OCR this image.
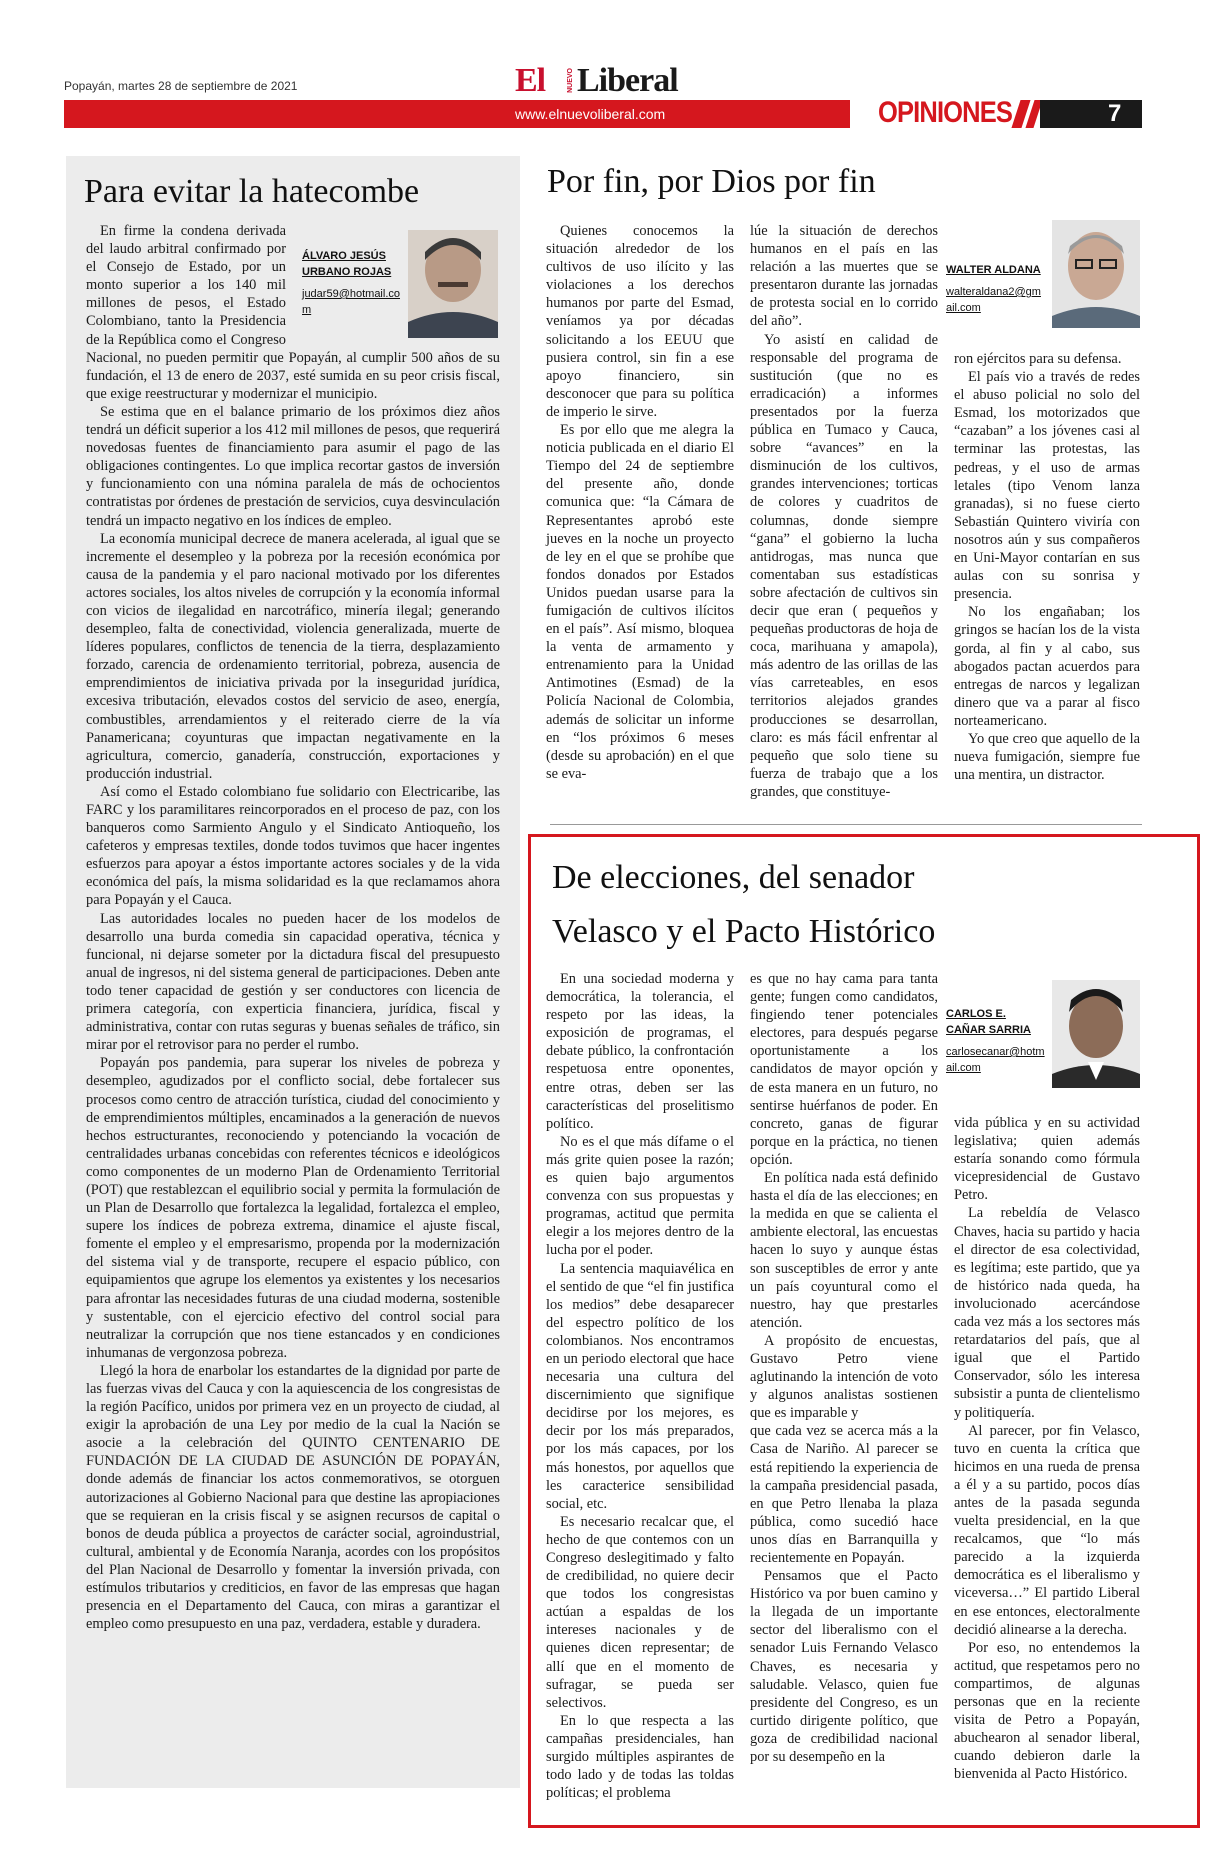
Popayán, martes 28 de septiembre de 2021	El	NUEVO Liberal
www.elnuevoliberal.com	OPINIONES	7
Para evitar la hatecombe
ÁLVARO JESÚS URBANO ROJAS
judar59@hotmail.com

En firme la condena derivada del laudo arbitral confirmado por el Consejo de Estado, por un monto superior a los 140 mil millones de pesos, el Estado Colombiano, tanto la Presidencia de la República como el Congreso Nacional, no pueden permitir que Popayán, al cumplir 500 años de su fundación, el 13 de enero de 2037, esté sumida en su peor crisis fiscal, que exige reestructurar y modernizar el municipio.

Se estima que en el balance primario de los próximos diez años tendrá un déficit superior a los 412 mil millones de pesos, que requerirá novedosas fuentes de financiamiento para asumir el pago de las obligaciones contingentes. Lo que implica recortar gastos de inversión y funcionamiento con una nómina paralela de más de ochocientos contratistas por órdenes de prestación de servicios, cuya desvinculación tendrá un impacto negativo en los índices de empleo.

La economía municipal decrece de manera acelerada, al igual que se incremente el desempleo y la pobreza por la recesión económica por causa de la pandemia y el paro nacional motivado por los diferentes actores sociales, los altos niveles de corrupción y la economía informal con vicios de ilegalidad en narcotráfico, minería ilegal; generando desempleo, falta de conectividad, violencia generalizada, muerte de líderes populares, conflictos de tenencia de la tierra, desplazamiento forzado, carencia de ordenamiento territorial, pobreza, ausencia de emprendimientos de iniciativa privada por la inseguridad jurídica, excesiva tributación, elevados costos del servicio de aseo, energía, combustibles, arrendamientos y el reiterado cierre de la vía Panamericana; coyunturas que impactan negativamente en la agricultura, comercio, ganadería, construcción, exportaciones y producción industrial.

Así como el Estado colombiano fue solidario con Electricaribe, las FARC y los paramilitares reincorporados en el proceso de paz, con los banqueros como Sarmiento Angulo y el Sindicato Antioqueño, los cafeteros y empresas textiles, donde todos tuvimos que hacer ingentes esfuerzos para apoyar a éstos importante actores sociales y de la vida económica del país, la misma solidaridad es la que reclamamos ahora para Popayán y el Cauca.

Las autoridades locales no pueden hacer de los modelos de desarrollo una burda comedia sin capacidad operativa, técnica y funcional, ni dejarse someter por la dictadura fiscal del presupuesto anual de ingresos, ni del sistema general de participaciones. Deben ante todo tener capacidad de gestión y ser conductores con licencia de primera categoría, con experticia financiera, jurídica, fiscal y administrativa, contar con rutas seguras y buenas señales de tráfico, sin mirar por el retrovisor para no perder el rumbo.

Popayán pos pandemia, para superar los niveles de pobreza y desempleo, agudizados por el conflicto social, debe fortalecer sus procesos como centro de atracción turística, ciudad del conocimiento y de emprendimientos múltiples, encaminados a la generación de nuevos hechos estructurantes, reconociendo y potenciando la vocación de centralidades urbanas concebidas con referentes técnicos e ideológicos como componentes de un moderno Plan de Ordenamiento Territorial (POT) que restablezcan el equilibrio social y permita la formulación de un Plan de Desarrollo que fortalezca la legalidad, fortalezca el empleo, supere los índices de pobreza extrema, dinamice el ajuste fiscal, fomente el empleo y el empresarismo, propenda por la modernización del sistema vial y de transporte, recupere el espacio público, con equipamientos que agrupe los elementos ya existentes y los necesarios para afrontar las necesidades futuras de una ciudad moderna, sostenible y sustentable, con el ejercicio efectivo del control social para neutralizar la corrupción que nos tiene estancados y en condiciones inhumanas de vergonzosa pobreza.

Llegó la hora de enarbolar los estandartes de la dignidad por parte de las fuerzas vivas del Cauca y con la aquiescencia de los congresistas de la región Pacífico, unidos por primera vez en un proyecto de ciudad, al exigir la aprobación de una Ley por medio de la cual la Nación se asocie a la celebración del QUINTO CENTENARIO DE FUNDACIÓN DE LA CIUDAD DE ASUNCIÓN DE POPAYÁN, donde además de financiar los actos conmemorativos, se otorguen autorizaciones al Gobierno Nacional para que destine las apropiaciones que se requieran en la crisis fiscal y se asignen recursos de capital o bonos de deuda pública a proyectos de carácter social, agroindustrial, cultural, ambiental y de Economía Naranja, acordes con los propósitos del Plan Nacional de Desarrollo y fomentar la inversión privada, con estímulos tributarios y crediticios, en favor de las empresas que hagan presencia en el Departamento del Cauca, con miras a garantizar el empleo como presupuesto en una paz, verdadera, estable y duradera.

Por fin, por Dios por fin

Quienes conocemos la situación alrededor de los cultivos de uso ilícito y las violaciones a los derechos humanos por parte del Esmad, veníamos ya por décadas solicitando a los EEUU que pusiera control, sin fin a ese apoyo financiero, sin desconocer que para su política de imperio le sirve.

Es por ello que me alegra la noticia publicada en el diario El Tiempo del 24 de septiembre del presente año, donde comunica que: “la Cámara de Representantes aprobó este jueves en la noche un proyecto de ley en el que se prohíbe que fondos donados por Estados Unidos puedan usarse para la fumigación de cultivos ilícitos en el país”. Así mismo, bloquea la venta de armamento y entrenamiento para la Unidad Antimotines (Esmad) de la Policía Nacional de Colombia, además de solicitar un informe en “los próximos 6 meses (desde su aprobación) en el que se eva-

lúe la situación de derechos humanos en el país en las relación a las muertes que se presentaron durante las jornadas de protesta social en lo corrido del año”.

Yo asistí en calidad de responsable del programa de sustitución (que no es erradicación) a informes presentados por la fuerza pública en Tumaco y Cauca, sobre “avances” en la disminución de los cultivos, grandes intervenciones; torticas de colores y cuadritos de columnas, donde siempre “gana” el gobierno la lucha antidrogas, mas nunca que comentaban sus estadísticas sobre afectación de cultivos sin decir que eran ( pequeños y pequeñas productoras de hoja de coca, marihuana y amapola), más adentro de las orillas de las vías carreteables, en esos territorios alejados grandes producciones se desarrollan, claro: es más fácil enfrentar al pequeño que solo tiene su fuerza de trabajo que a los grandes, que constituye-

WALTER ALDANA
walteraldana2@gmail.com

ron ejércitos para su defensa.

El país vio a través de redes el abuso policial no solo del Esmad, los motorizados que “cazaban” a los jóvenes casi al terminar las protestas, las pedreas, y el uso de armas letales (tipo Venom lanza granadas), si no fuese cierto Sebastián Quintero viviría con nosotros aún y sus compañeros en Uni-Mayor contarían en sus aulas con su sonrisa y presencia.

No los engañaban; los gringos se hacían los de la vista gorda, al fin y al cabo, sus abogados pactan acuerdos para entregas de narcos y legalizan dinero que va a parar al fisco norteamericano.

Yo que creo que aquello de la nueva fumigación, siempre fue una mentira, un distractor.

De elecciones, del senador
Velasco y el Pacto Histórico

En una sociedad moderna y democrática, la tolerancia, el respeto por las ideas, la exposición de programas, el debate público, la confrontación respetuosa entre oponentes, entre otras, deben ser las características del proselitismo político.

No es el que más dífame o el más grite quien posee la razón; es quien bajo argumentos convenza con sus propuestas y programas, actitud que permita elegir a los mejores dentro de la lucha por el poder.

La sentencia maquiavélica en el sentido de que “el fin justifica los medios” debe desaparecer del espectro político de los colombianos. Nos encontramos en un periodo electoral que hace necesaria una cultura del discernimiento que signifique decidirse por los mejores, es decir por los más preparados, por los más capaces, por los más honestos, por aquellos que les caracterice sensibilidad social, etc.

Es necesario recalcar que, el hecho de que contemos con un Congreso deslegitimado y falto de credibilidad, no quiere decir que todos los congresistas actúan a espaldas de los intereses nacionales y de quienes dicen representar; de allí que en el momento de sufragar, se pueda ser selectivos.

En lo que respecta a las campañas presidenciales, han surgido múltiples aspirantes de todo lado y de todas las toldas políticas; el problema

es que no hay cama para tanta gente; fungen como candidatos, fingiendo tener potenciales electores, para después pegarse oportunistamente a los candidatos de mayor opción y de esta manera en un futuro, no sentirse huérfanos de poder. En concreto, ganas de figurar porque en la práctica, no tienen opción.

En política nada está definido hasta el día de las elecciones; en la medida en que se calienta el ambiente electoral, las encuestas hacen lo suyo y aunque éstas son susceptibles de error y ante un país coyuntural como el nuestro, hay que prestarles atención.

A propósito de encuestas, Gustavo Petro viene aglutinando la intención de voto y algunos analistas sostienen que es imparable y

que cada vez se acerca más a la Casa de Nariño. Al parecer se está repitiendo la experiencia de la campaña presidencial pasada, en que Petro llenaba la plaza pública, como sucedió hace unos días en Barranquilla y recientemente en Popayán.

Pensamos que el Pacto Histórico va por buen camino y la llegada de un importante sector del liberalismo con el senador Luis Fernando Velasco Chaves, es necesaria y saludable. Velasco, quien fue presidente del Congreso, es un curtido dirigente político, que goza de credibilidad nacional por su desempeño en la

CARLOS E. CAÑAR SARRIA
carlosecanar@hotmail.com

vida pública y en su actividad legislativa; quien además estaría sonando como fórmula vicepresidencial de Gustavo Petro.

La rebeldía de Velasco Chaves, hacia su partido y hacia el director de esa colectividad, es legítima; este partido, que ya de histórico nada queda, ha involucionado acercándose cada vez más a los sectores más retardatarios del país, que al igual que el Partido Conservador, sólo les interesa subsistir a punta de clientelismo y politiquería.

Al parecer, por fin Velasco, tuvo en cuenta la crítica que hicimos en una rueda de prensa a él y a su partido, pocos días antes de la pasada segunda vuelta presidencial, en la que recalcamos, que “lo más parecido a la izquierda democrática es el liberalismo y viceversa…” El partido Liberal en ese entonces, electoralmente decidió alinearse a la derecha.

Por eso, no entendemos la actitud, que respetamos pero no compartimos, de algunas personas que en la reciente visita de Petro a Popayán, abuchearon al senador liberal, cuando debieron darle la bienvenida al Pacto Histórico.
